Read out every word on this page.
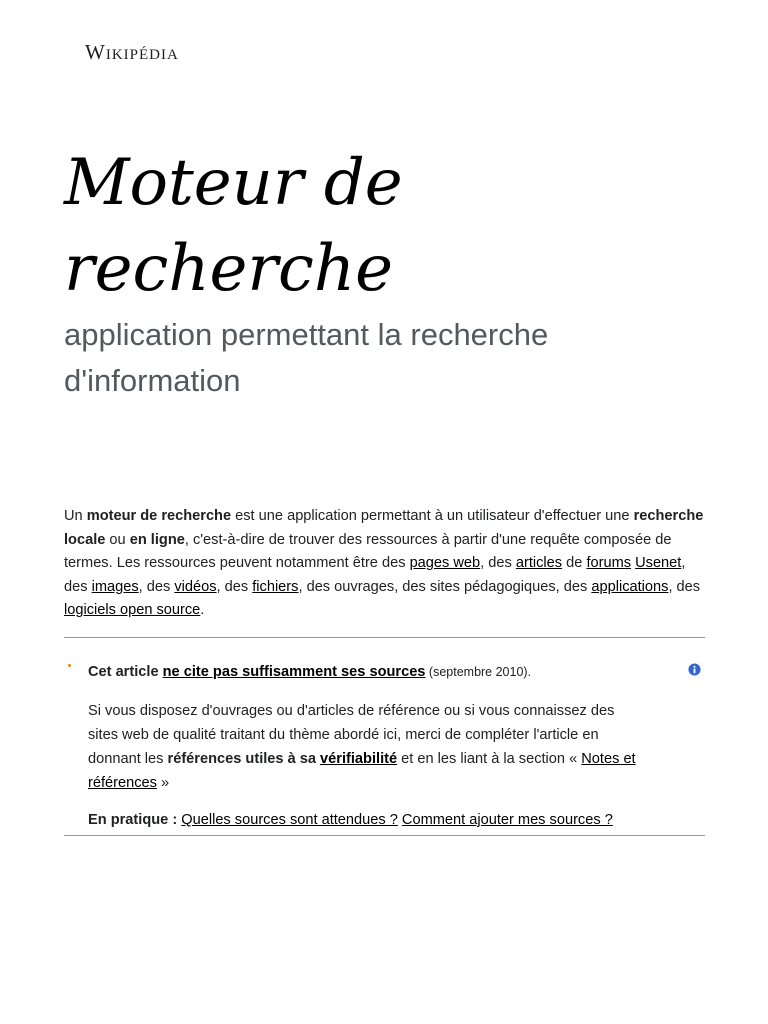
Wikipédia
Moteur de
recherche

application permettant la recherche d'information

Un moteur de recherche est une application permettant à un utilisateur d'effectuer une recherche locale ou en ligne, c'est-à-dire de trouver des ressources à partir d'une requête composée de termes. Les ressources peuvent notamment être des pages web, des articles de forums Usenet, des images, des vidéos, des fichiers, des ouvrages, des sites pédagogiques, des applications, des logiciels open source.

Cet article ne cite pas suffisamment ses sources (septembre 2010).

Si vous disposez d'ouvrages ou d'articles de référence ou si vous connaissez des sites web de qualité traitant du thème abordé ici, merci de compléter l'article en donnant les références utiles à sa vérifiabilité et en les liant à la section « Notes et références »

En pratique : Quelles sources sont attendues ? Comment ajouter mes sources ?
